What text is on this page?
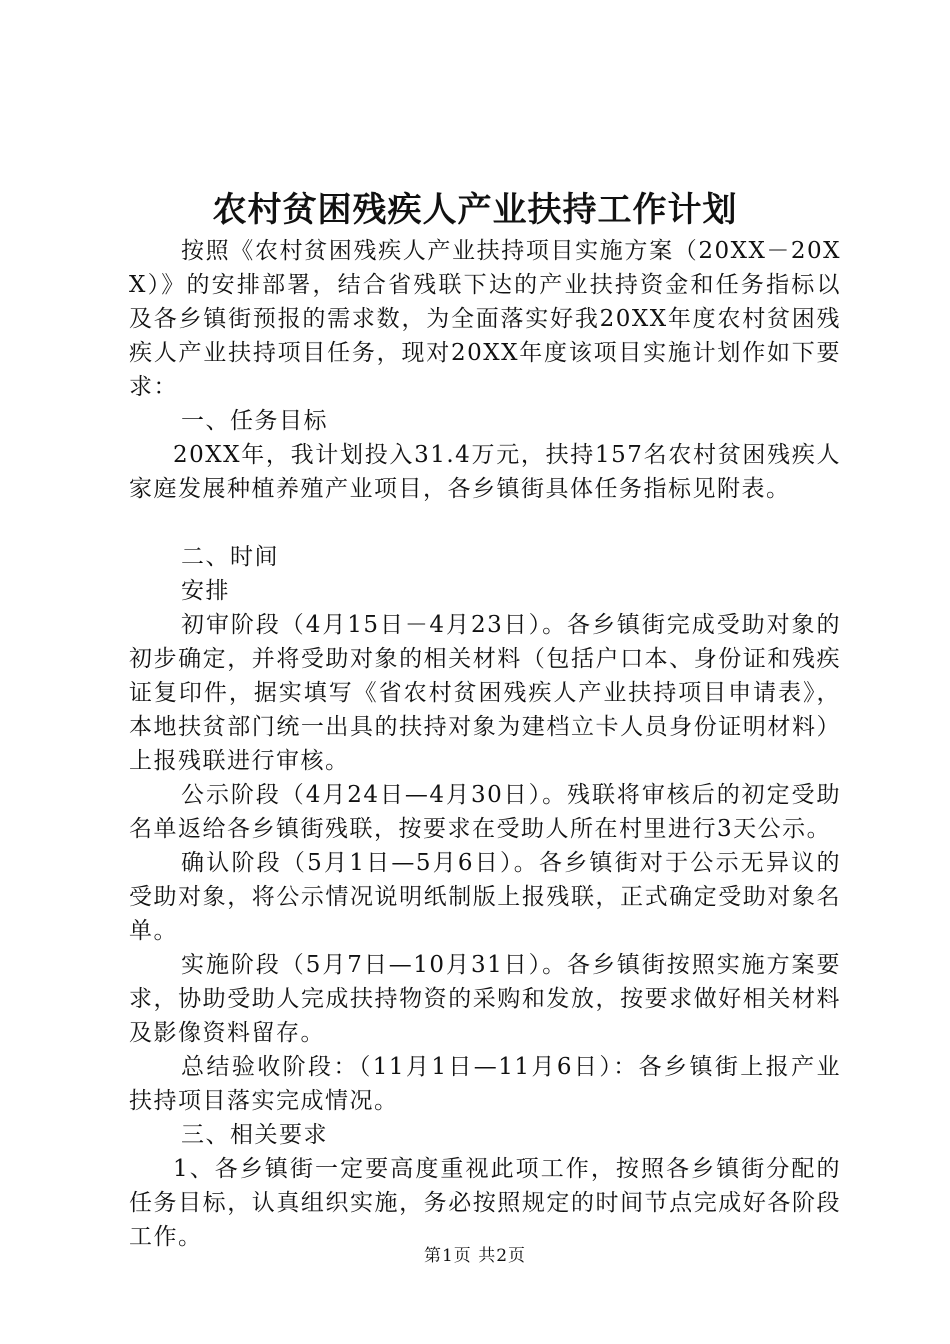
农村贫困残疾人产业扶持工作计划

按照《农村贫困残疾人产业扶持项目实施方案（20XX－20XX）》的安排部署，结合省残联下达的产业扶持资金和任务指标以及各乡镇街预报的需求数，为全面落实好我20XX年度农村贫困残疾人产业扶持项目任务，现对20XX年度该项目实施计划作如下要求：

一、任务目标

20XX年，我计划投入31.4万元，扶持157名农村贫困残疾人家庭发展种植养殖产业项目，各乡镇街具体任务指标见附表。

二、时间

安排

初审阶段（4月15日－4月23日）。各乡镇街完成受助对象的初步确定，并将受助对象的相关材料（包括户口本、身份证和残疾证复印件，据实填写《省农村贫困残疾人产业扶持项目申请表》，本地扶贫部门统一出具的扶持对象为建档立卡人员身份证明材料）上报残联进行审核。

公示阶段（4月24日—4月30日）。残联将审核后的初定受助名单返给各乡镇街残联，按要求在受助人所在村里进行3天公示。

确认阶段（5月1日—5月6日）。各乡镇街对于公示无异议的受助对象，将公示情况说明纸制版上报残联，正式确定受助对象名单。

实施阶段（5月7日—10月31日）。各乡镇街按照实施方案要求，协助受助人完成扶持物资的采购和发放，按要求做好相关材料及影像资料留存。

总结验收阶段：（11月1日—11月6日）：各乡镇街上报产业扶持项目落实完成情况。

三、相关要求

1、各乡镇街一定要高度重视此项工作，按照各乡镇街分配的任务目标，认真组织实施，务必按照规定的时间节点完成好各阶段工作。

第1页 共2页
